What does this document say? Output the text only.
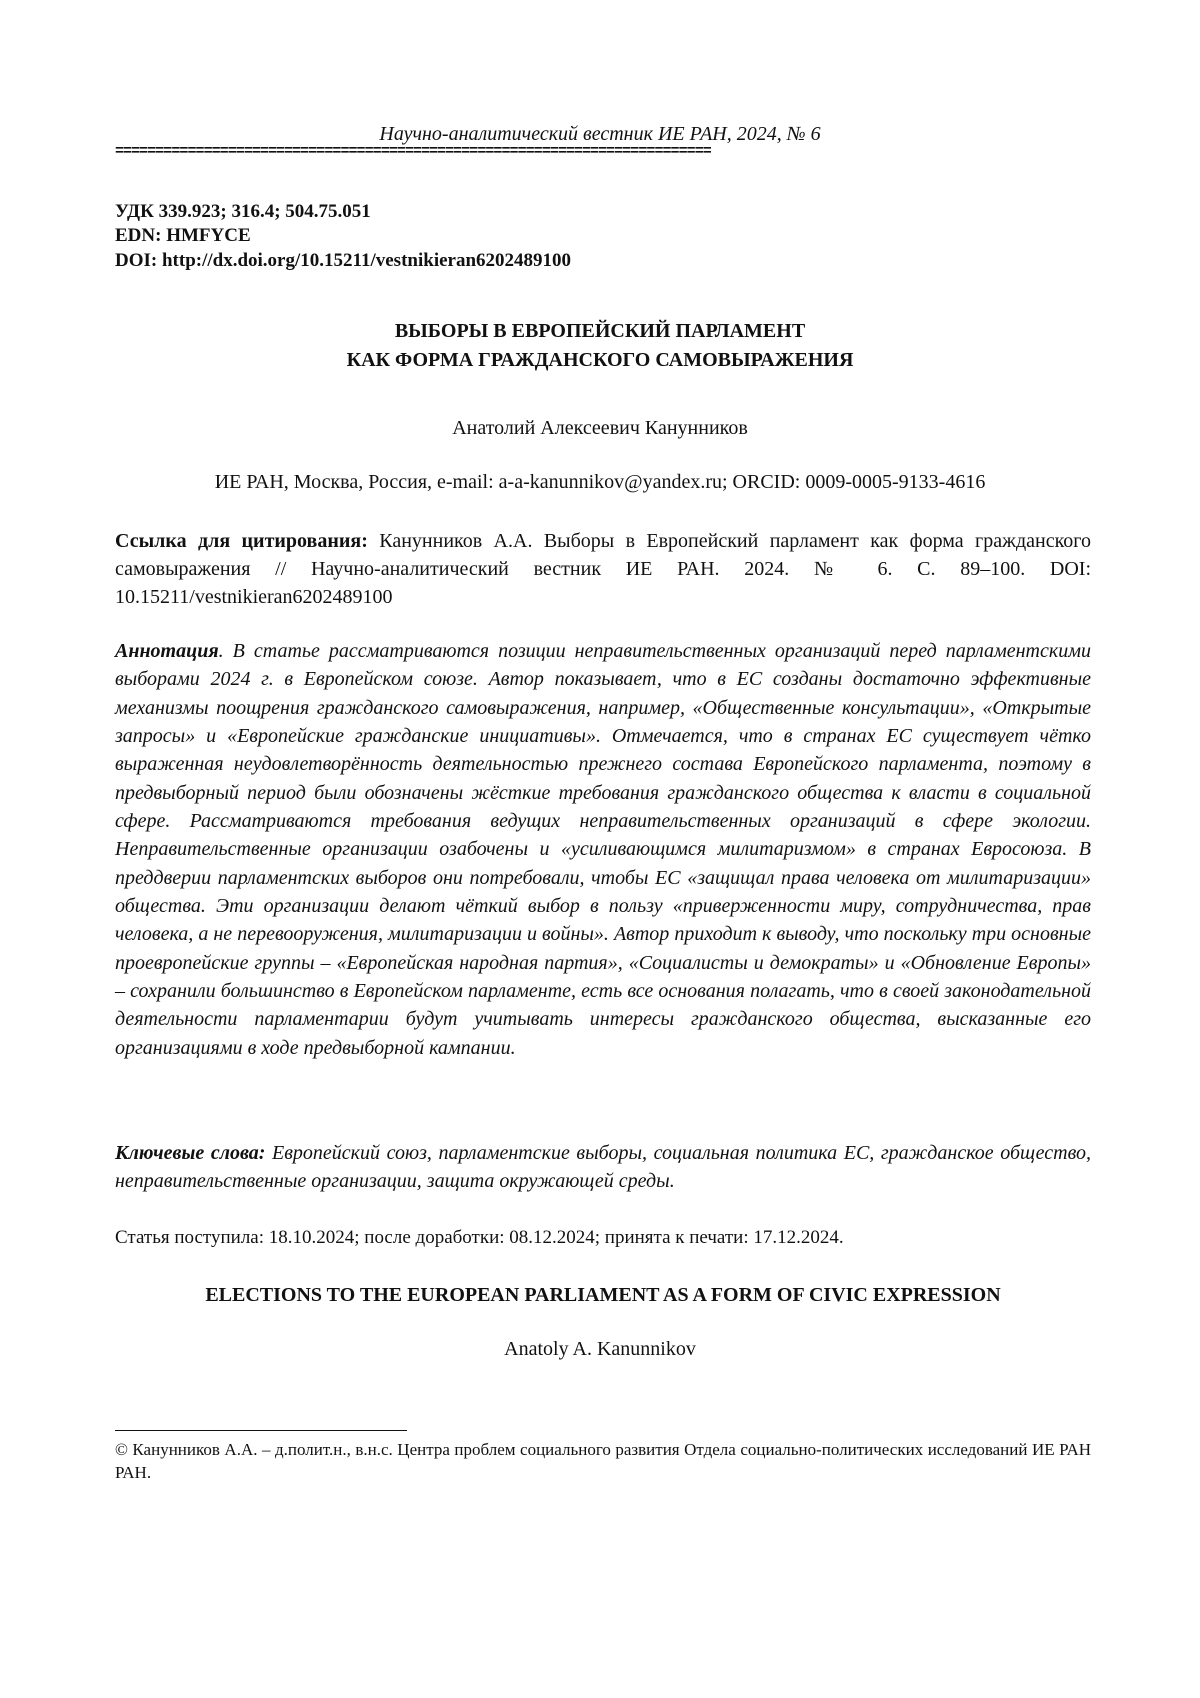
Научно-аналитический вестник ИЕ РАН, 2024, № 6
==========================================================================
УДК 339.923; 316.4; 504.75.051
EDN: HMFYCE
DOI: http://dx.doi.org/10.15211/vestnikieran6202489100
ВЫБОРЫ В ЕВРОПЕЙСКИЙ ПАРЛАМЕНТ
КАК ФОРМА ГРАЖДАНСКОГО САМОВЫРАЖЕНИЯ
Анатолий Алексеевич Канунников
ИЕ РАН, Москва, Россия, e-mail: a-a-kanunnikov@yandex.ru; ORCID: 0009-0005-9133-4616
Ссылка для цитирования: Канунников А.А. Выборы в Европейский парламент как форма гражданского самовыражения // Научно-аналитический вестник ИЕ РАН. 2024. № 6. С. 89–100. DOI: 10.15211/vestnikieran6202489100
Аннотация. В статье рассматриваются позиции неправительственных организаций перед парламентскими выборами 2024 г. в Европейском союзе. Автор показывает, что в ЕС созданы достаточно эффективные механизмы поощрения гражданского самовыражения, например, «Общественные консультации», «Открытые запросы» и «Европейские гражданские инициативы». Отмечается, что в странах ЕС существует чётко выраженная неудовлетворённость деятельностью прежнего состава Европейского парламента, поэтому в предвыборный период были обозначены жёсткие требования гражданского общества к власти в социальной сфере. Рассматриваются требования ведущих неправительственных организаций в сфере экологии. Неправительственные организации озабочены и «усиливающимся милитаризмом» в странах Евросоюза. В преддверии парламентских выборов они потребовали, чтобы ЕС «защищал права человека от милитаризации» общества. Эти организации делают чёткий выбор в пользу «приверженности миру, сотрудничества, прав человека, а не перевооружения, милитаризации и войны». Автор приходит к выводу, что поскольку три основные проевропейские группы – «Европейская народная партия», «Социалисты и демократы» и «Обновление Европы» – сохранили большинство в Европейском парламенте, есть все основания полагать, что в своей законодательной деятельности парламентарии будут учитывать интересы гражданского общества, высказанные его организациями в ходе предвыборной кампании.
Ключевые слова: Европейский союз, парламентские выборы, социальная политика ЕС, гражданское общество, неправительственные организации, защита окружающей среды.
Статья поступила: 18.10.2024; после доработки: 08.12.2024; принята к печати: 17.12.2024.
ELECTIONS TO THE EUROPEAN PARLIAMENT AS A FORM OF CIVIC EXPRESSION
Anatoly A. Kanunnikov
© Канунников А.А. – д.полит.н., в.н.с. Центра проблем социального развития Отдела социально-политических исследований ИЕ РАН РАН.
